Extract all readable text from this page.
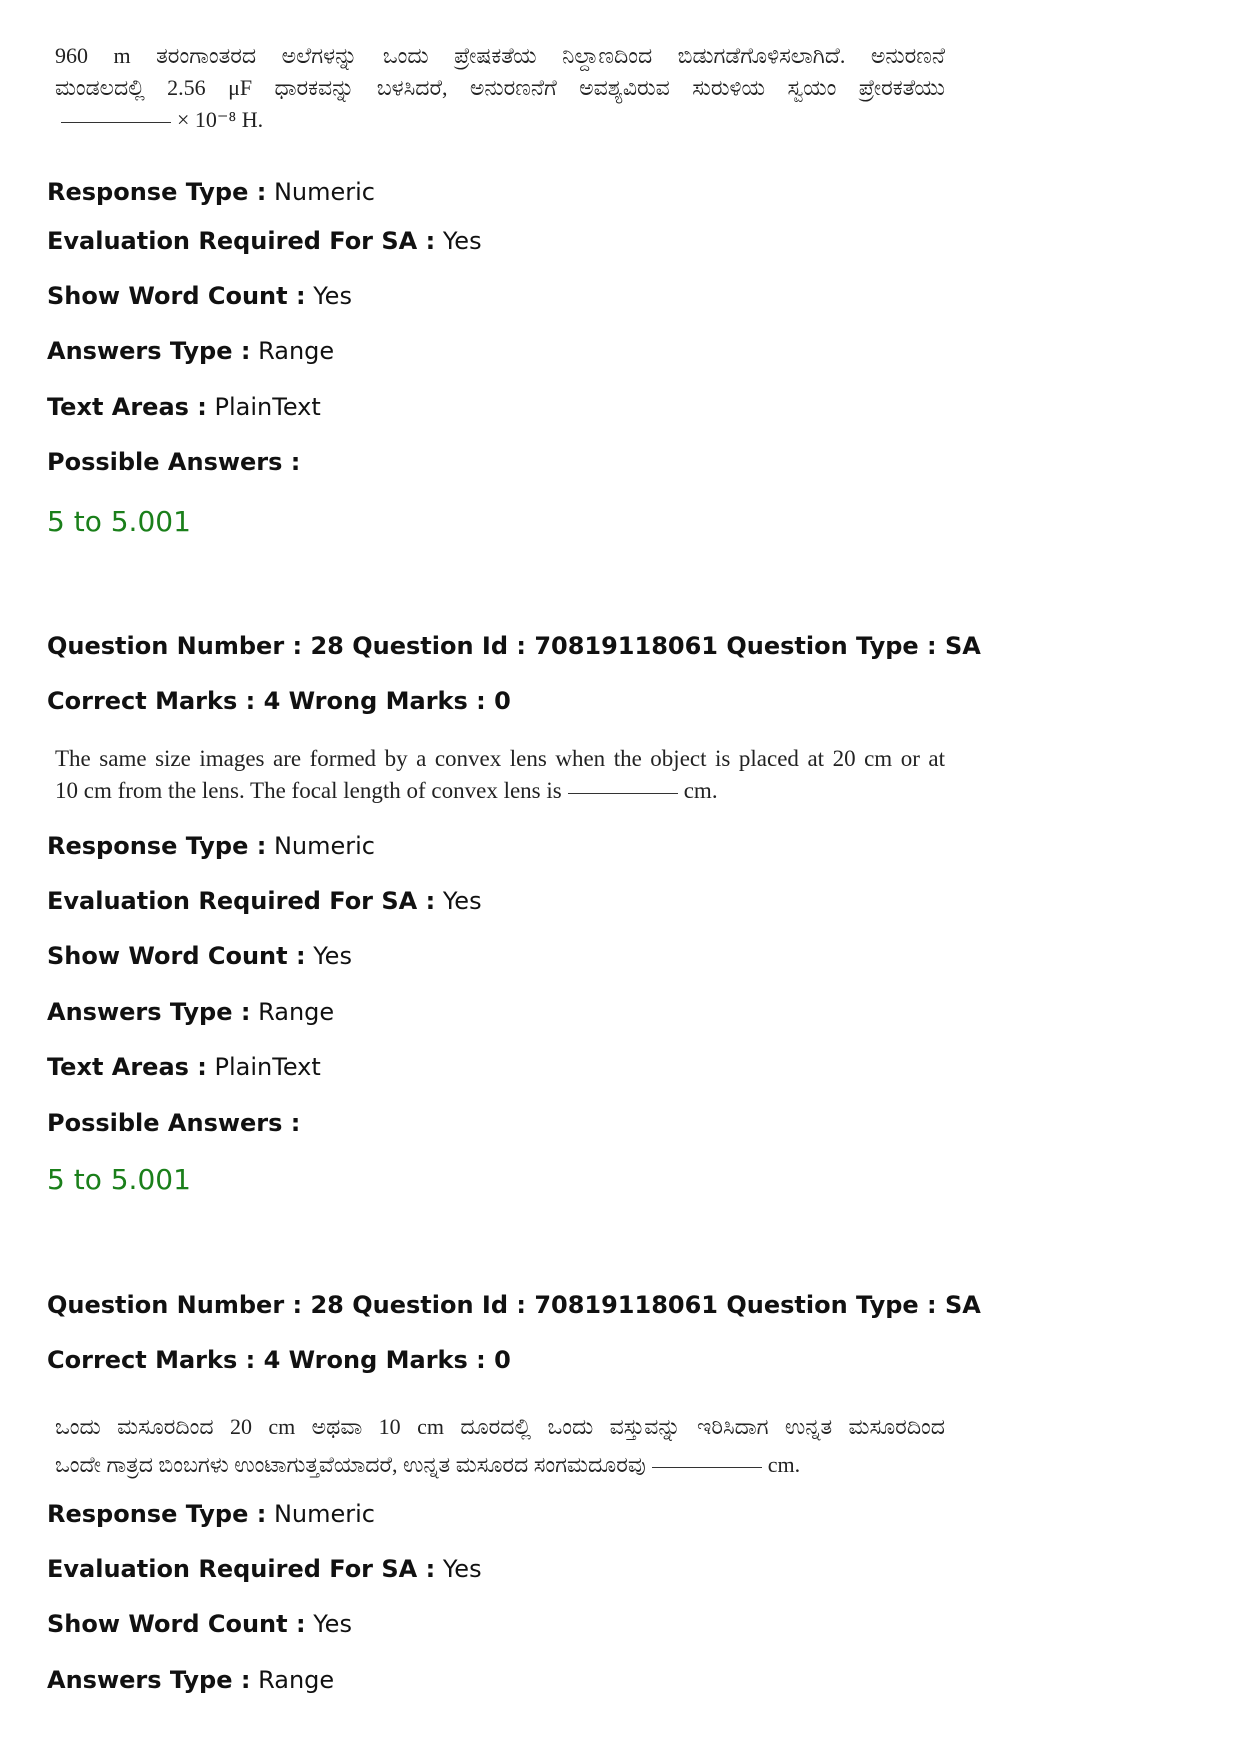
960 m ತರಂಗಾಂತರದ ಅಲೆಗಳನ್ನು ಒಂದು ಪ್ರೇಷಕತೆಯ ನಿಲ್ದಾಣದಿಂದ ಬಿಡುಗಡೆಗೊಳಿಸಲಾಗಿದೆ. ಅನುರಣನೆ
ಮಂಡಲದಲ್ಲಿ 2.56 μF ಧಾರಕವನ್ನು ಬಳಸಿದರೆ, ಅನುರಣನೆಗೆ ಅವಶ್ಯವಿರುವ ಸುರುಳಿಯ ಸ್ವಯಂ ಪ್ರೇರಕತೆಯು
× 10⁻⁸ H.
Response Type : Numeric
Evaluation Required For SA : Yes
Show Word Count : Yes
Answers Type : Range
Text Areas : PlainText
Possible Answers :
5 to 5.001
Question Number : 28 Question Id : 70819118061 Question Type : SA
Correct Marks : 4 Wrong Marks : 0
The same size images are formed by a convex lens when the object is placed at 20 cm or at
10 cm from the lens. The focal length of convex lens is	cm.
Response Type : Numeric
Evaluation Required For SA : Yes
Show Word Count : Yes
Answers Type : Range
Text Areas : PlainText
Possible Answers :
5 to 5.001
Question Number : 28 Question Id : 70819118061 Question Type : SA
Correct Marks : 4 Wrong Marks : 0
ಒಂದು ಮಸೂರದಿಂದ 20 cm ಅಥವಾ 10 cm ದೂರದಲ್ಲಿ ಒಂದು ವಸ್ತುವನ್ನು ಇರಿಸಿದಾಗ ಉನ್ನತ ಮಸೂರದಿಂದ
ಒಂದೇ ಗಾತ್ರದ ಬಿಂಬಗಳು ಉಂಟಾಗುತ್ತವೆಯಾದರೆ, ಉನ್ನತ ಮಸೂರದ ಸಂಗಮದೂರವು	cm.
Response Type : Numeric
Evaluation Required For SA : Yes
Show Word Count : Yes
Answers Type : Range
